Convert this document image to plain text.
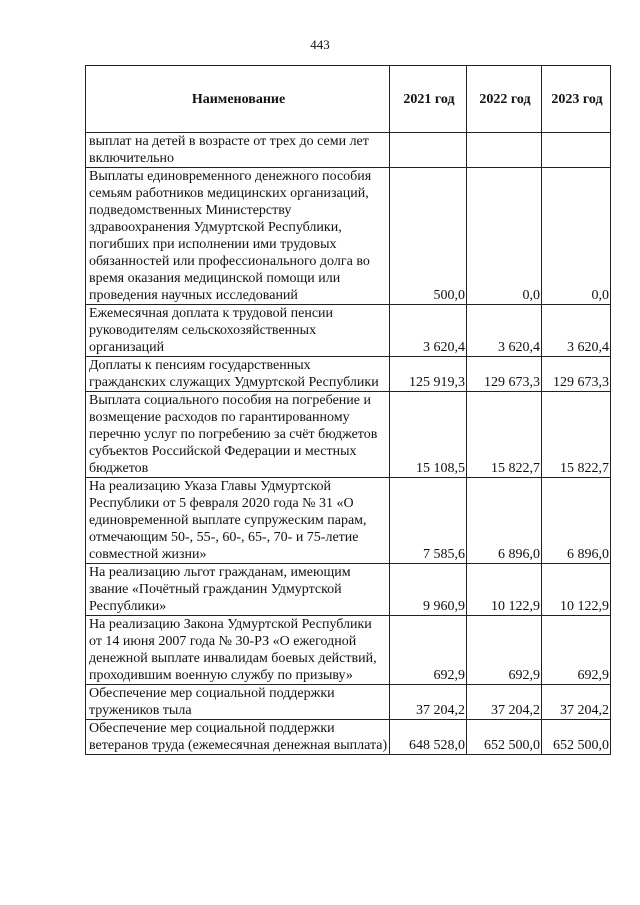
443
Наименование	2021 год	2022 год	2023 год
выплат на детей в возрасте от трех до семи лет включительно			
Выплаты единовременного денежного пособия семьям работников медицинских организаций, подведомственных Министерству здравоохранения Удмуртской Республики, погибших при исполнении ими трудовых обязанностей или профессионального долга во время оказания медицинской помощи или проведения научных исследований	500,0	0,0	0,0
Ежемесячная доплата к трудовой пенсии руководителям сельскохозяйственных организаций	3 620,4	3 620,4	3 620,4
Доплаты к пенсиям государственных гражданских служащих Удмуртской Республики	125 919,3	129 673,3	129 673,3
Выплата социального пособия на погребение и возмещение расходов по гарантированному перечню услуг по погребению за счёт бюджетов субъектов Российской Федерации и местных бюджетов	15 108,5	15 822,7	15 822,7
На реализацию Указа Главы Удмуртской Республики от 5 февраля 2020 года № 31 «О единовременной выплате супружеским парам, отмечающим 50-, 55-, 60-, 65-, 70- и 75-летие совместной жизни»	7 585,6	6 896,0	6 896,0
На реализацию льгот гражданам, имеющим звание «Почётный гражданин Удмуртской Республики»	9 960,9	10 122,9	10 122,9
На реализацию Закона Удмуртской Республики от 14 июня 2007 года № 30-РЗ «О ежегодной денежной выплате инвалидам боевых действий, проходившим военную службу по призыву»	692,9	692,9	692,9
Обеспечение мер социальной поддержки тружеников тыла	37 204,2	37 204,2	37 204,2
Обеспечение мер социальной поддержки ветеранов труда (ежемесячная денежная выплата)	648 528,0	652 500,0	652 500,0
